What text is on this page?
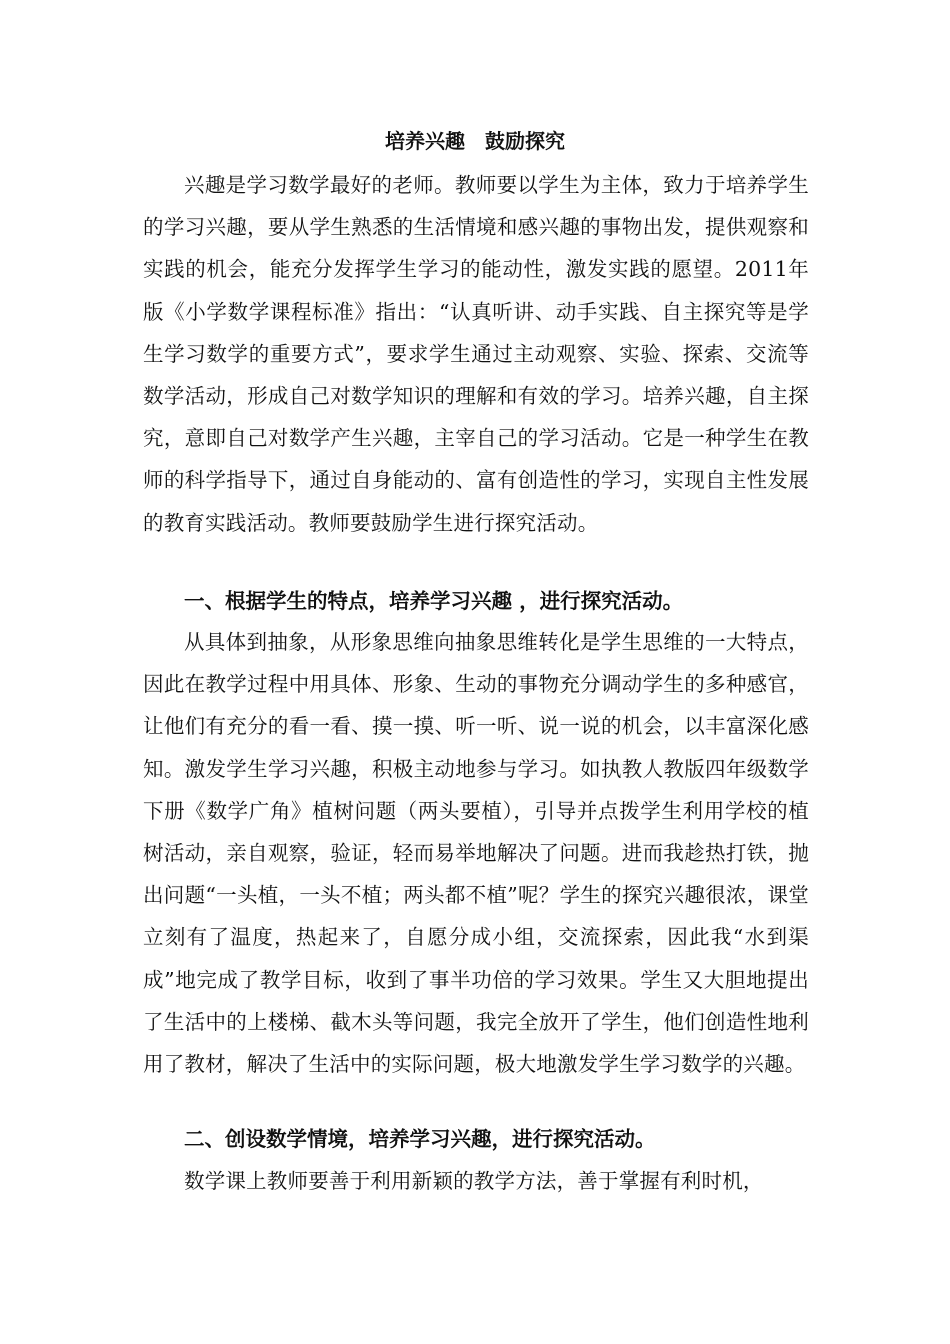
培养兴趣　鼓励探究

兴趣是学习数学最好的老师。教师要以学生为主体，致力于培养学生的学习兴趣，要从学生熟悉的生活情境和感兴趣的事物出发，提供观察和实践的机会，能充分发挥学生学习的能动性，激发实践的愿望。2011年版《小学数学课程标准》指出：“认真听讲、动手实践、自主探究等是学生学习数学的重要方式”，要求学生通过主动观察、实验、探索、交流等数学活动，形成自己对数学知识的理解和有效的学习。培养兴趣，自主探究，意即自己对数学产生兴趣，主宰自己的学习活动。它是一种学生在教师的科学指导下，通过自身能动的、富有创造性的学习，实现自主性发展的教育实践活动。教师要鼓励学生进行探究活动。

一、根据学生的特点，培养学习兴趣 ，进行探究活动。

从具体到抽象，从形象思维向抽象思维转化是学生思维的一大特点，因此在教学过程中用具体、形象、生动的事物充分调动学生的多种感官，让他们有充分的看一看、摸一摸、听一听、说一说的机会，以丰富深化感知。激发学生学习兴趣，积极主动地参与学习。如执教人教版四年级数学下册《数学广角》植树问题（两头要植），引导并点拨学生利用学校的植树活动，亲自观察，验证，轻而易举地解决了问题。进而我趁热打铁，抛出问题“一头植，一头不植；两头都不植”呢？学生的探究兴趣很浓，课堂立刻有了温度，热起来了，自愿分成小组，交流探索，因此我“水到渠成”地完成了教学目标，收到了事半功倍的学习效果。学生又大胆地提出了生活中的上楼梯、截木头等问题，我完全放开了学生，他们创造性地利用了教材，解决了生活中的实际问题，极大地激发学生学习数学的兴趣。

二、创设数学情境，培养学习兴趣，进行探究活动。

数学课上教师要善于利用新颖的教学方法，善于掌握有利时机，
